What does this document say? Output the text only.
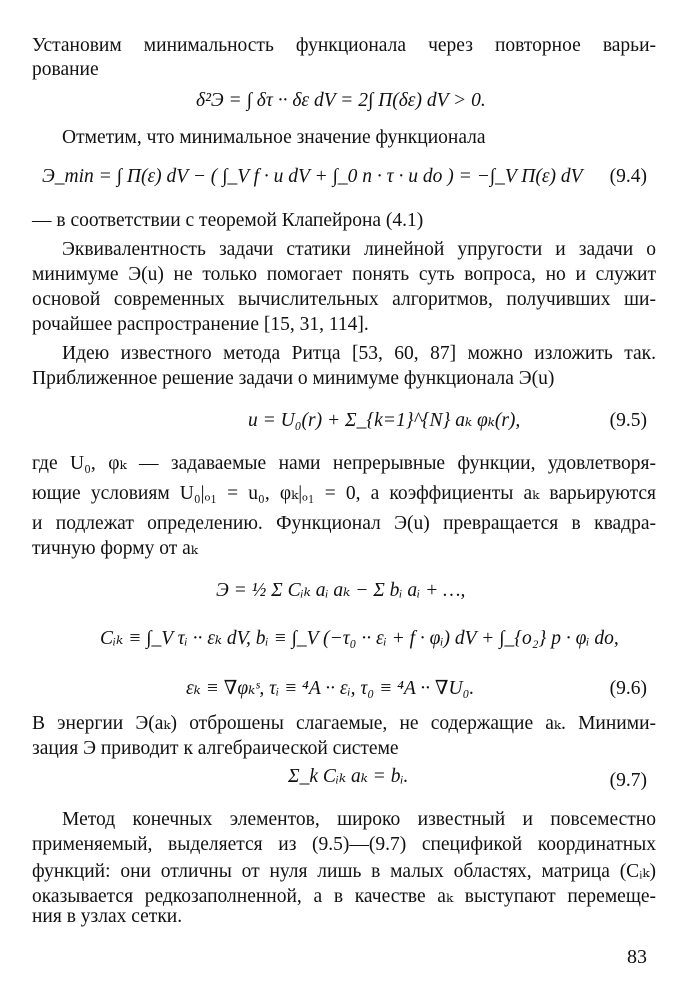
Установим минимальность функционала через повторное варьи-
рование
δ²Э = ∫ δτ ·· δε dV = 2∫ Π(δε) dV > 0.
Отметим, что минимальное значение функционала
Э_min = ∫ Π(ε) dV − ( ∫_V f · u dV + ∫_0 n · τ · u do ) = −∫_V Π(ε) dV (9.4)
— в соответствии с теоремой Клапейрона (4.1)
Эквивалентность задачи статики линейной упругости и задачи о
минимуме Э(u) не только помогает понять суть вопроса, но и служит
основой современных вычислительных алгоритмов, получивших ши-
рочайшее распространение [15, 31, 114].
Идею известного метода Ритца [53, 60, 87] можно изложить так.
Приближенное решение задачи о минимуме функционала Э(u)
u = U₀(r) + Σ_{k=1}^{N} aₖ φₖ(r),	(9.5)
где U₀, φₖ — задаваемые нами непрерывные функции, удовлетворя-
ющие условиям U₀|ₒ₁ = u₀, φₖ|ₒ₁ = 0, а коэффициенты aₖ варьируются
и подлежат определению. Функционал Э(u) превращается в квадра-
тичную форму от aₖ
Э = ½ Σ Cᵢₖ aᵢ aₖ − Σ bᵢ aᵢ + …,
Cᵢₖ ≡ ∫_V τᵢ ·· εₖ dV, bᵢ ≡ ∫_V (−τ₀ ·· εᵢ + f · φᵢ) dV + ∫_{o₂} p · φᵢ do,
εₖ ≡ ∇φₖˢ, τᵢ ≡ ⁴A ·· εᵢ, τ₀ ≡ ⁴A ·· ∇U₀.	(9.6)
В энергии Э(aₖ) отброшены слагаемые, не содержащие aₖ. Миними-
зация Э приводит к алгебраической системе
Σ_k Cᵢₖ aₖ = bᵢ.	(9.7)
Метод конечных элементов, широко известный и повсеместно
применяемый, выделяется из (9.5)—(9.7) спецификой координатных
функций: они отличны от нуля лишь в малых областях, матрица (Cᵢₖ)
оказывается редкозаполненной, а в качестве aₖ выступают перемеще-
ния в узлах сетки.
83
